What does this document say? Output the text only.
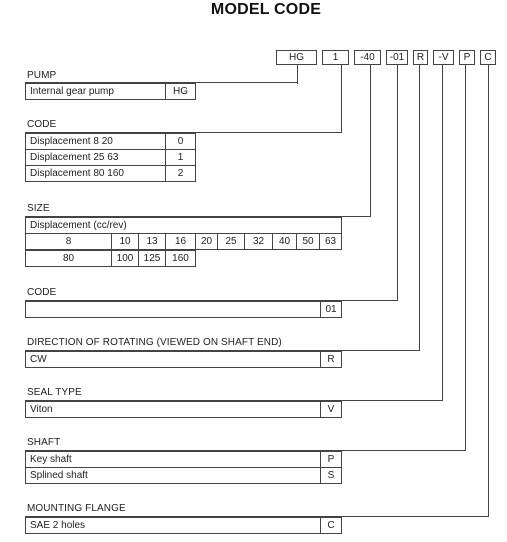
MODEL CODE
HG	1	-40	-01	R	-V	P	C
PUMP
Internal gear pump	HG
CODE
Displacement 8 20	0
Displacement 25 63	1
Displacement 80 160	2
SIZE
Displacement (cc/rev)
8	10	13	16	20	25	32	40	50	63
80	100	125	160
CODE
01
DIRECTION OF ROTATING (VIEWED ON SHAFT END)
CW	R
SEAL TYPE
Viton	V
SHAFT
Key shaft	P
Splined shaft	S
MOUNTING FLANGE
SAE 2 holes	C
